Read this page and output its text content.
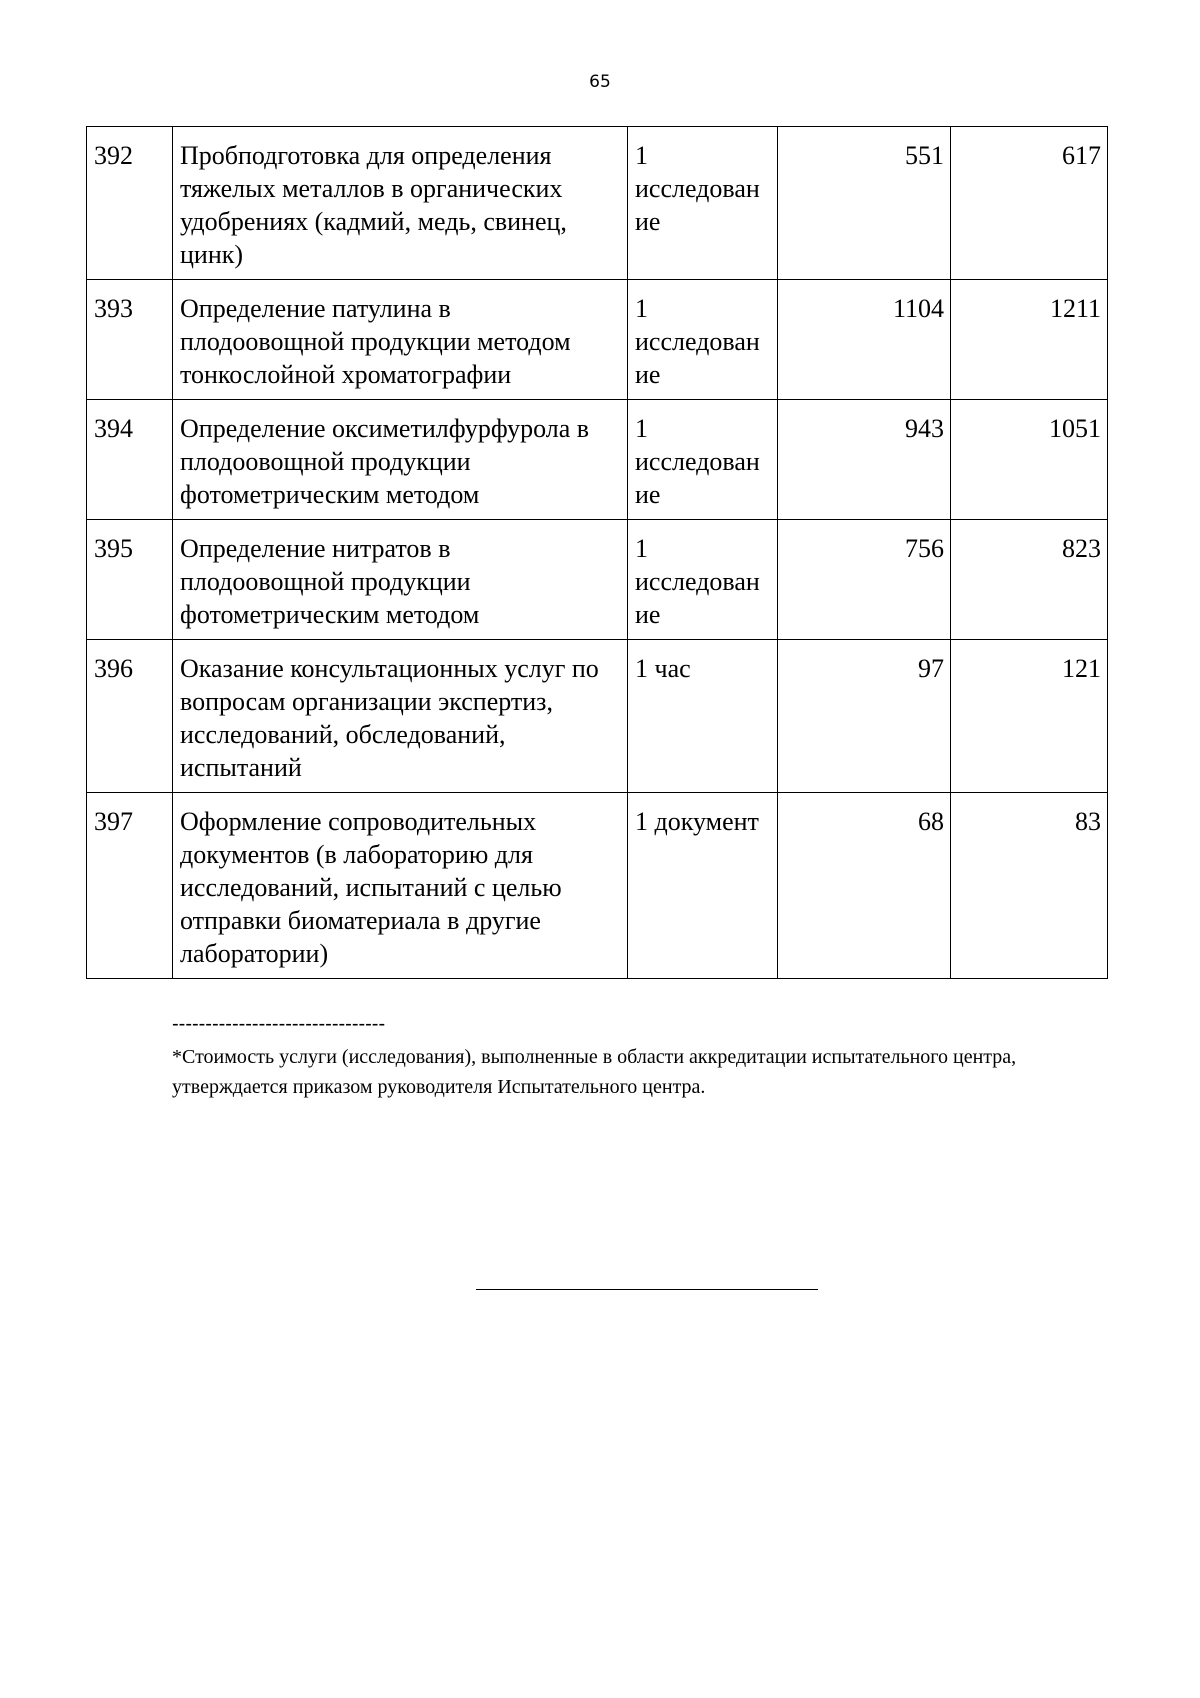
65
392	Пробподготовка для определения тяжелых металлов в органических удобрениях (кадмий, медь, свинец, цинк)	1 исследован ие	551	617
393	Определение патулина в плодоовощной продукции методом тонкослойной хроматографии	1 исследован ие	1104	1211
394	Определение оксиметилфурфурола в плодоовощной продукции фотометрическим методом	1 исследован ие	943	1051
395	Определение нитратов в плодоовощной продукции фотометрическим методом	1 исследован ие	756	823
396	Оказание консультационных услуг по вопросам организации экспертиз, исследований, обследований, испытаний	1 час	97	121
397	Оформление сопроводительных документов (в лабораторию для исследований, испытаний с целью отправки биоматериала в другие лаборатории)	1 документ	68	83
--------------------------------
*Стоимость услуги (исследования), выполненные в области аккредитации испытательного центра, утверждается приказом руководителя Испытательного центра.
